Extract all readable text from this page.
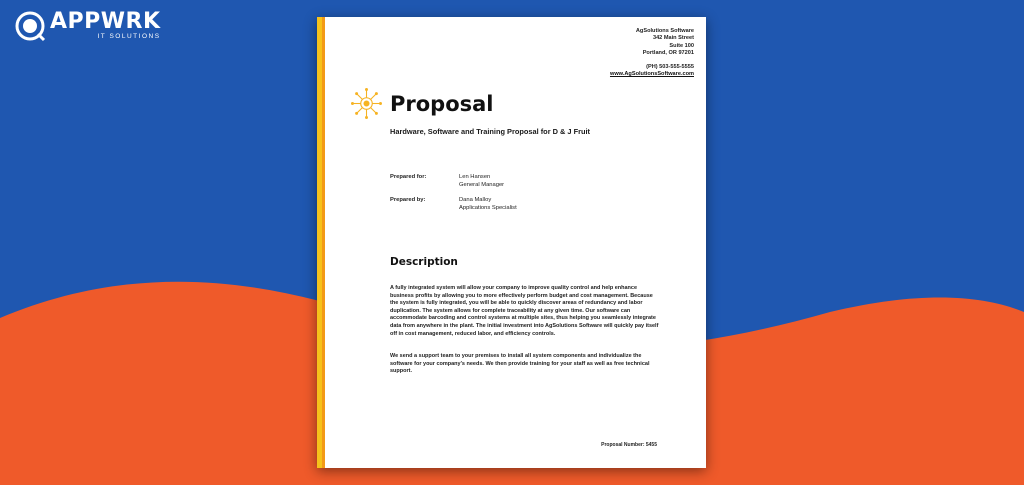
APPWRK
IT SOLUTIONS
AgSolutions Software
342 Main Street
Suite 100
Portland, OR 97201
(PH) 503-555-5555
www.AgSolutionsSoftware.com
Proposal
Hardware, Software and Training Proposal for D & J Fruit
Prepared for:	Len Hansen
General Manager
Prepared by:	Dana Malloy
Applications Specialist
Description
A fully integrated system will allow your company to improve quality control and help enhance business profits by allowing you to more effectively perform budget and cost management. Because the system is fully integrated, you will be able to quickly discover areas of redundancy and labor duplication. The system allows for complete traceability at any given time. Our software can accommodate barcoding and control systems at multiple sites, thus helping you seamlessly integrate data from anywhere in the plant. The initial investment into AgSolutions Software will quickly pay itself off in cost management, reduced labor, and efficiency controls.
We send a support team to your premises to install all system components and individualize the software for your company's needs. We then provide training for your staff as well as free technical support.
Proposal Number: 5455
